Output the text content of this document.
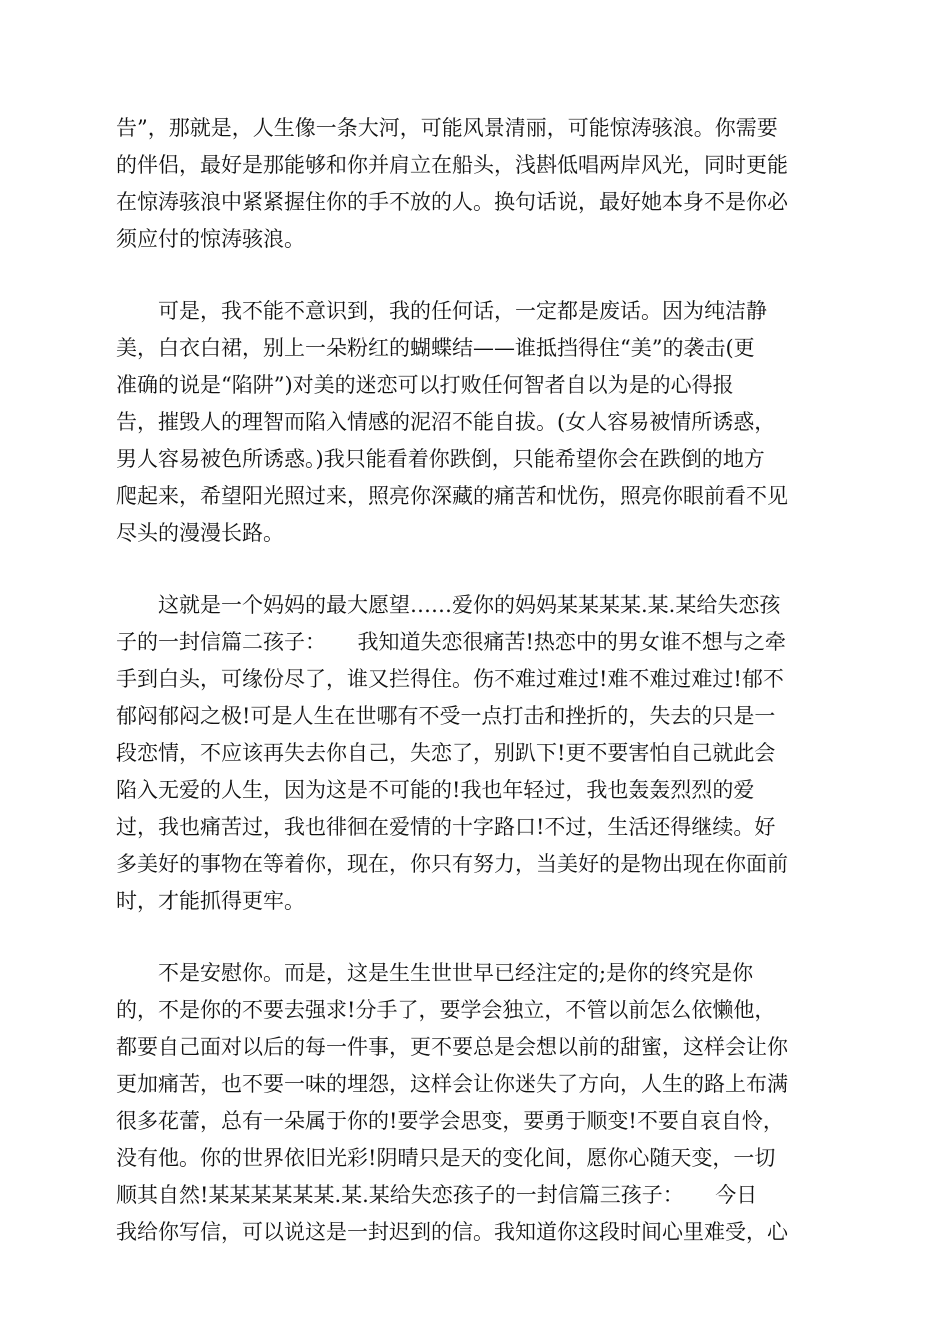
告”，那就是，人生像一条大河，可能风景清丽，可能惊涛骇浪。你需要
的伴侣，最好是那能够和你并肩立在船头，浅斟低唱两岸风光，同时更能
在惊涛骇浪中紧紧握住你的手不放的人。换句话说，最好她本身不是你必
须应付的惊涛骇浪。
　　可是，我不能不意识到，我的任何话，一定都是废话。因为纯洁静
美，白衣白裙，别上一朵粉红的蝴蝶结——谁抵挡得住“美”的袭击(更
准确的说是“陷阱”)对美的迷恋可以打败任何智者自以为是的心得报
告，摧毁人的理智而陷入情感的泥沼不能自拔。(女人容易被情所诱惑，
男人容易被色所诱惑。)我只能看着你跌倒，只能希望你会在跌倒的地方
爬起来，希望阳光照过来，照亮你深藏的痛苦和忧伤，照亮你眼前看不见
尽头的漫漫长路。
　　这就是一个妈妈的最大愿望……爱你的妈妈某某某某.某.某给失恋孩
子的一封信篇二孩子：　　我知道失恋很痛苦!热恋中的男女谁不想与之牵
手到白头，可缘份尽了，谁又拦得住。伤不难过难过!难不难过难过!郁不
郁闷郁闷之极!可是人生在世哪有不受一点打击和挫折的，失去的只是一
段恋情，不应该再失去你自己，失恋了，别趴下!更不要害怕自己就此会
陷入无爱的人生，因为这是不可能的!我也年轻过，我也轰轰烈烈的爱
过，我也痛苦过，我也徘徊在爱情的十字路口!不过，生活还得继续。好
多美好的事物在等着你，现在，你只有努力，当美好的是物出现在你面前
时，才能抓得更牢。
　　不是安慰你。而是，这是生生世世早已经注定的;是你的终究是你
的，不是你的不要去强求!分手了，要学会独立，不管以前怎么依懒他，
都要自己面对以后的每一件事，更不要总是会想以前的甜蜜，这样会让你
更加痛苦，也不要一味的埋怨，这样会让你迷失了方向，人生的路上布满
很多花蕾，总有一朵属于你的!要学会思变，要勇于顺变!不要自哀自怜，
没有他。你的世界依旧光彩!阴晴只是天的变化间，愿你心随天变，一切
顺其自然!某某某某某某.某.某给失恋孩子的一封信篇三孩子：　　今日
我给你写信，可以说这是一封迟到的信。我知道你这段时间心里难受，心
